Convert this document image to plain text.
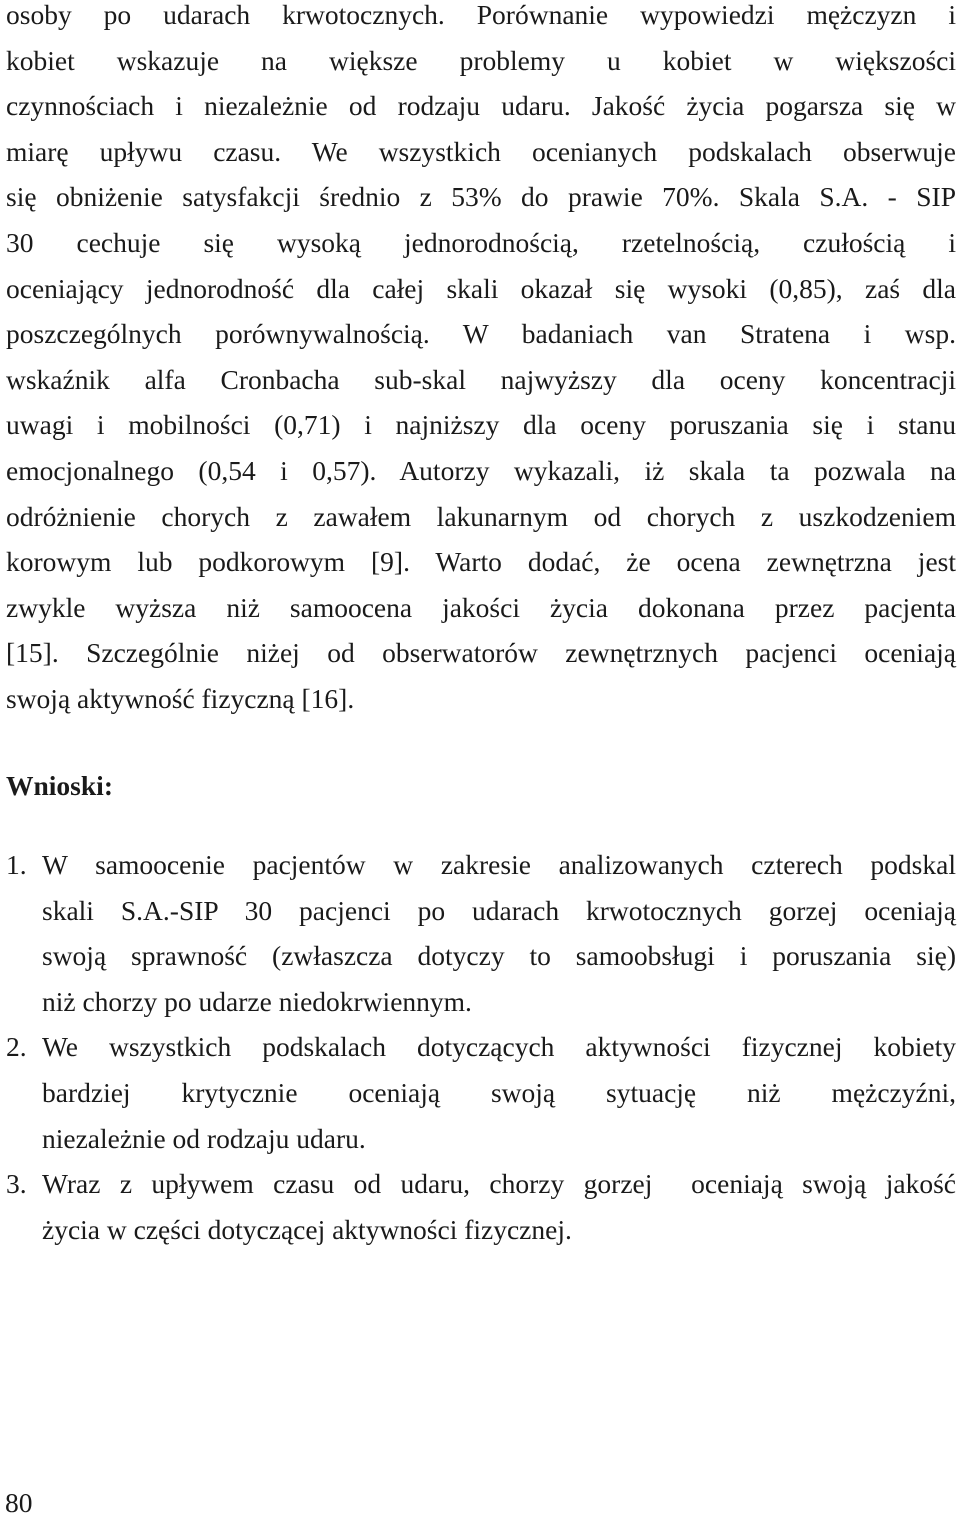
osoby po udarach krwotocznych. Porównanie wypowiedzi mężczyzn i
kobiet wskazuje na większe problemy u kobiet w większości
czynnościach i niezależnie od rodzaju udaru. Jakość życia pogarsza się w
miarę upływu czasu. We wszystkich ocenianych podskalach obserwuje
się obniżenie satysfakcji średnio z 53% do prawie 70%. Skala S.A. - SIP
30 cechuje się wysoką jednorodnością, rzetelnością, czułością i
oceniający jednorodność dla całej skali okazał się wysoki (0,85), zaś dla
poszczególnych porównywalnością. W badaniach van Stratena i wsp.
wskaźnik alfa Cronbacha sub-skal najwyższy dla oceny koncentracji
uwagi i mobilności (0,71) i najniższy dla oceny poruszania się i stanu
emocjonalnego (0,54 i 0,57). Autorzy wykazali, iż skala ta pozwala na
odróżnienie chorych z zawałem lakunarnym od chorych z uszkodzeniem
korowym lub podkorowym [9]. Warto dodać, że ocena zewnętrzna jest
zwykle wyższa niż samoocena jakości życia dokonana przez pacjenta
[15]. Szczególnie niżej od obserwatorów zewnętrznych pacjenci oceniają
swoją aktywność fizyczną [16].

Wnioski:
1. W samoocenie pacjentów w zakresie analizowanych czterech podskal
skali S.A.-SIP 30 pacjenci po udarach krwotocznych gorzej oceniają
swoją sprawność (zwłaszcza dotyczy to samoobsługi i poruszania się)
niż chorzy po udarze niedokrwiennym.
2. We wszystkich podskalach dotyczących aktywności fizycznej kobiety
bardziej krytycznie oceniają swoją sytuację niż mężczyźni,
niezależnie od rodzaju udaru.
3. Wraz z upływem czasu od udaru, chorzy gorzej  oceniają swoją jakość
życia w części dotyczącej aktywności fizycznej.
80
